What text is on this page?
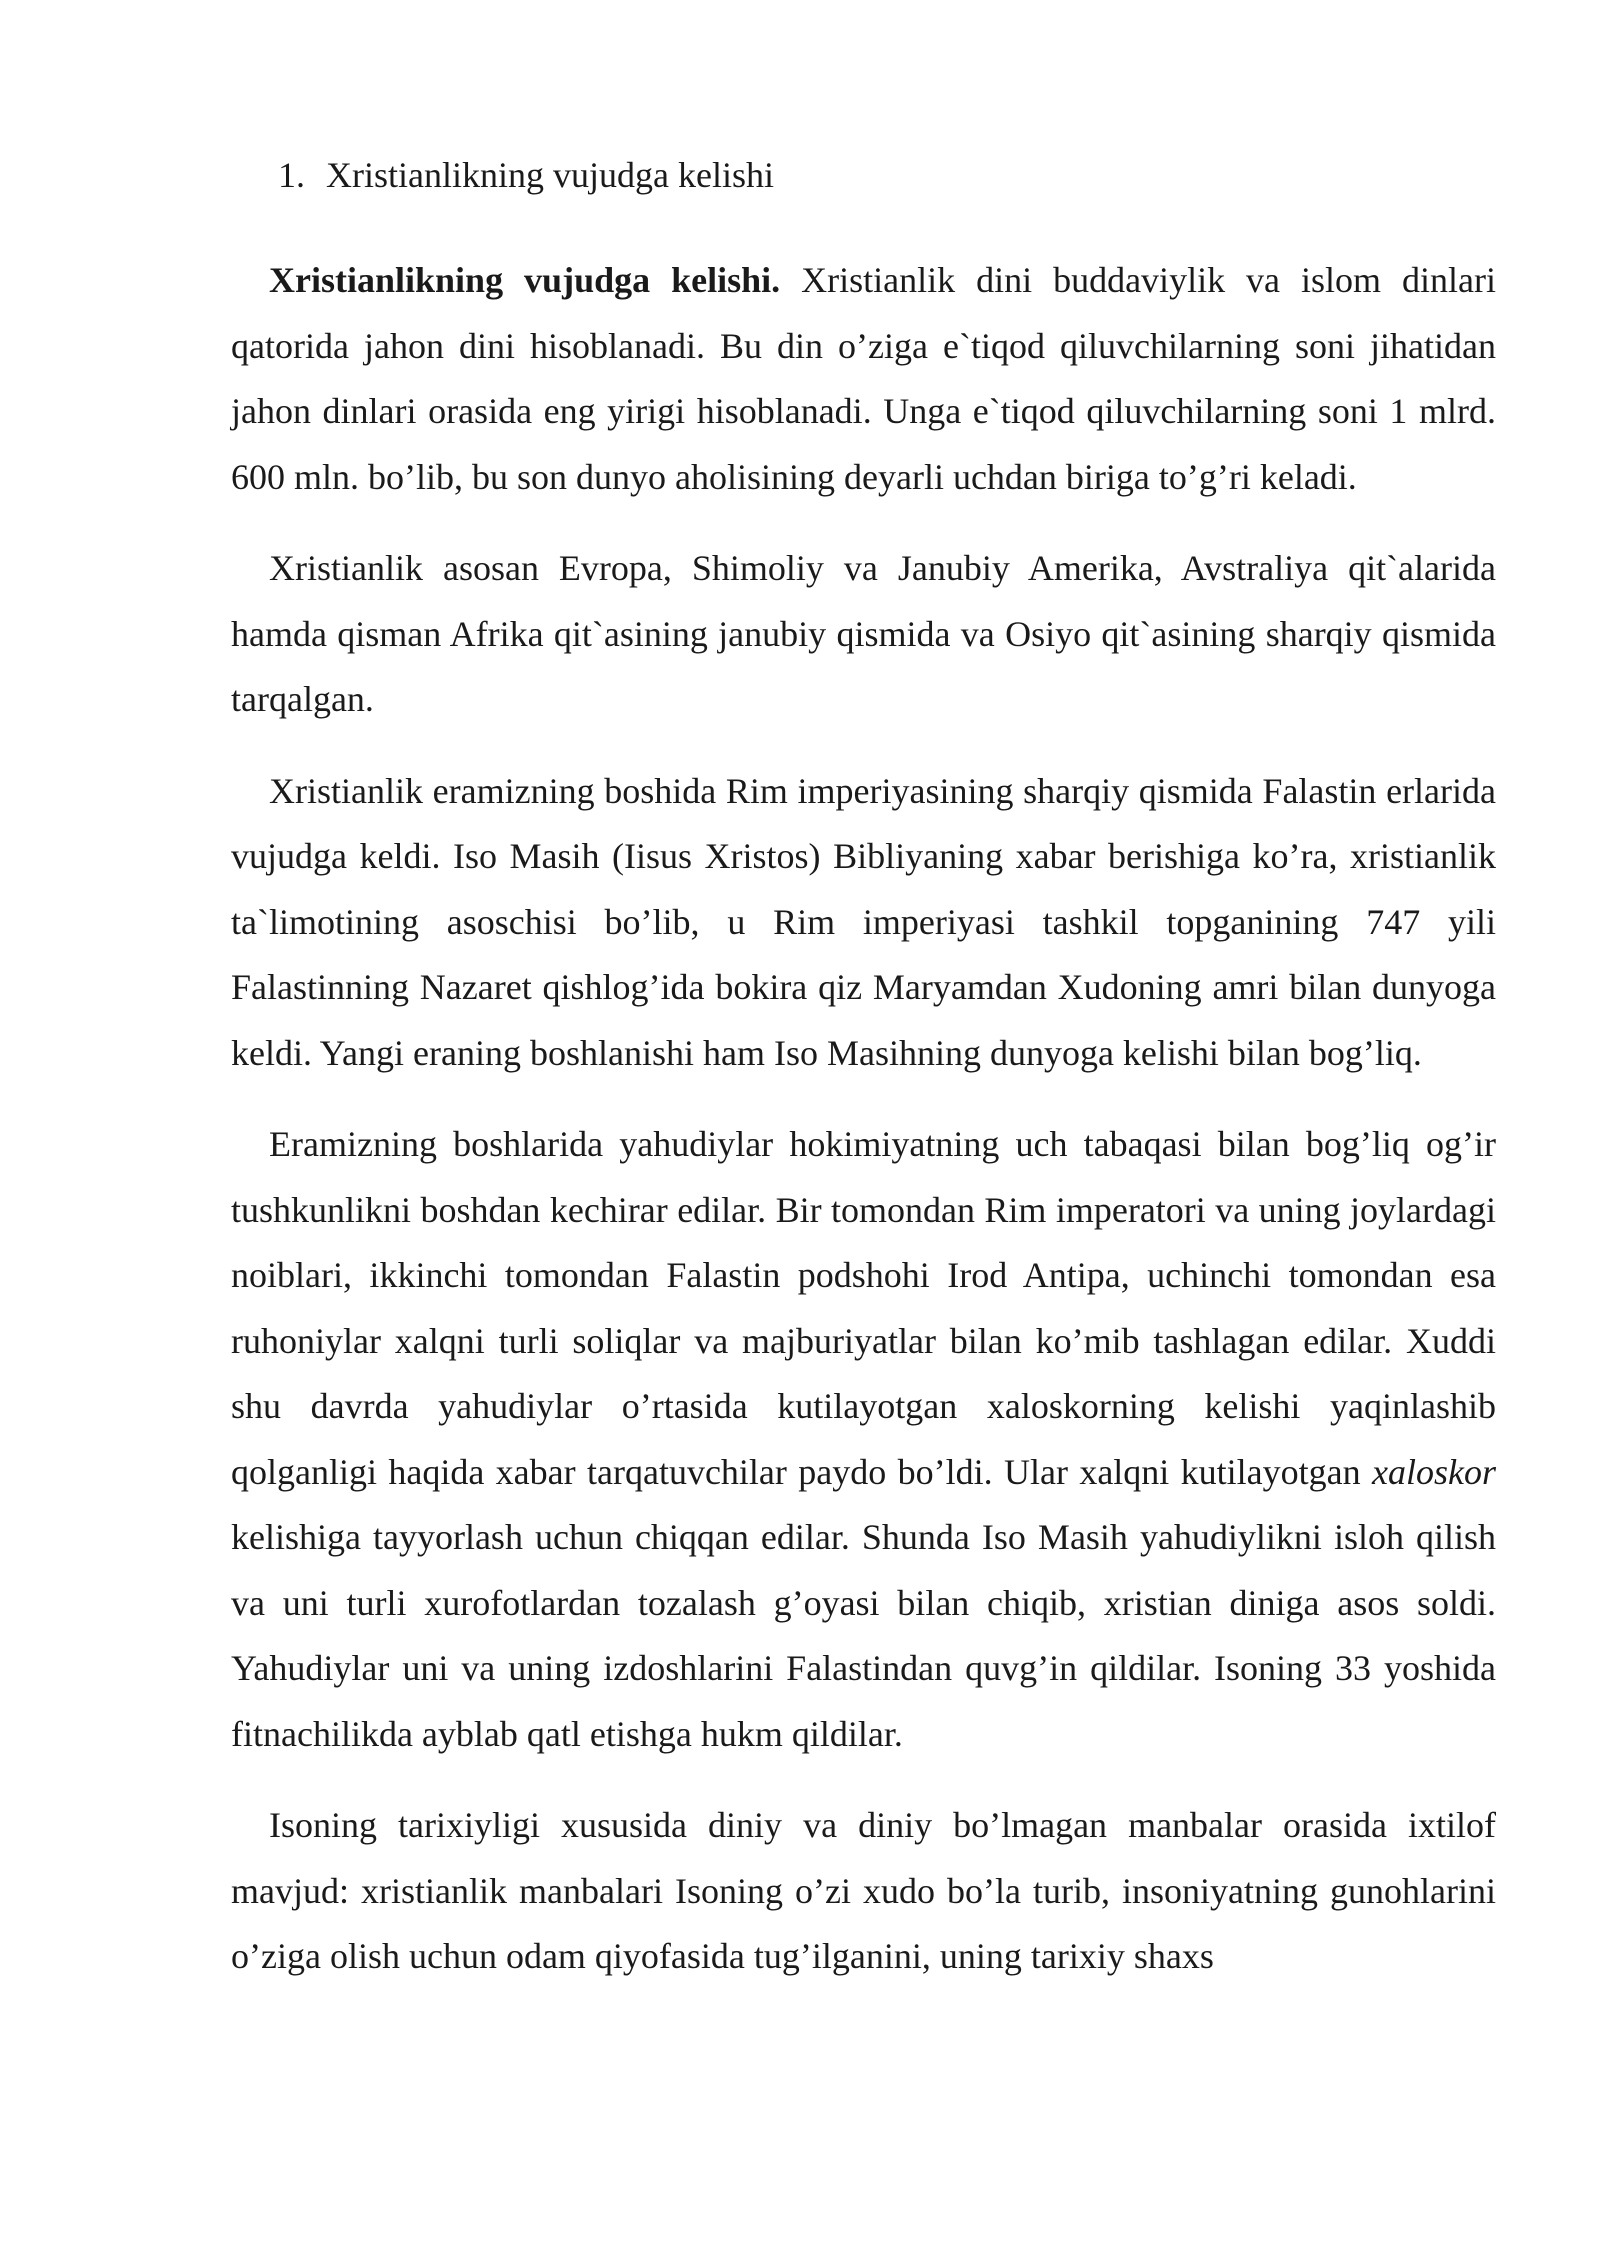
1. Xristianlikning vujudga kelishi

Xristianlikning vujudga kelishi. Xristianlik dini buddaviylik va islom dinlari qatorida jahon dini hisoblanadi. Bu din o’ziga e`tiqod qiluvchilarning soni jihatidan jahon dinlari orasida eng yirigi hisoblanadi. Unga e`tiqod qiluvchilarning soni 1 mlrd. 600 mln. bo’lib, bu son dunyo aholisining deyarli uchdan biriga to’g’ri keladi.

Xristianlik asosan Evropa, Shimoliy va Janubiy Amerika, Avstraliya qit`alarida hamda qisman Afrika qit`asining janubiy qismida va Osiyo qit`asining sharqiy qismida tarqalgan.

Xristianlik eramizning boshida Rim imperiyasining sharqiy qismida Falastin erlarida vujudga keldi. Iso Masih (Iisus Xristos) Bibliyaning xabar berishiga ko’ra, xristianlik ta`limotining asoschisi bo’lib, u Rim imperiyasi tashkil topganining 747 yili Falastinning Nazaret qishlog’ida bokira qiz Maryamdan Xudoning amri bilan dunyoga keldi. Yangi eraning boshlanishi ham Iso Masihning dunyoga kelishi bilan bog’liq.

Eramizning boshlarida yahudiylar hokimiyatning uch tabaqasi bilan bog’liq og’ir tushkunlikni boshdan kechirar edilar. Bir tomondan Rim imperatori va uning joylardagi noiblari, ikkinchi tomondan Falastin podshohi Irod Antipa, uchinchi tomondan esa ruhoniylar xalqni turli soliqlar va majburiyatlar bilan ko’mib tashlagan edilar. Xuddi shu davrda yahudiylar o’rtasida kutilayotgan xaloskorning kelishi yaqinlashib qolganligi haqida xabar tarqatuvchilar paydo bo’ldi. Ular xalqni kutilayotgan xaloskor kelishiga tayyorlash uchun chiqqan edilar. Shunda Iso Masih yahudiylikni isloh qilish va uni turli xurofotlardan tozalash g’oyasi bilan chiqib, xristian diniga asos soldi. Yahudiylar uni va uning izdoshlarini Falastindan quvg’in qildilar. Isoning 33 yoshida fitnachilikda ayblab qatl etishga hukm qildilar.

Isoning tarixiyligi xususida diniy va diniy bo’lmagan manbalar orasida ixtilof mavjud: xristianlik manbalari Isoning o’zi xudo bo’la turib, insoniyatning gunohlarini o’ziga olish uchun odam qiyofasida tug’ilganini, uning tarixiy shaxs
